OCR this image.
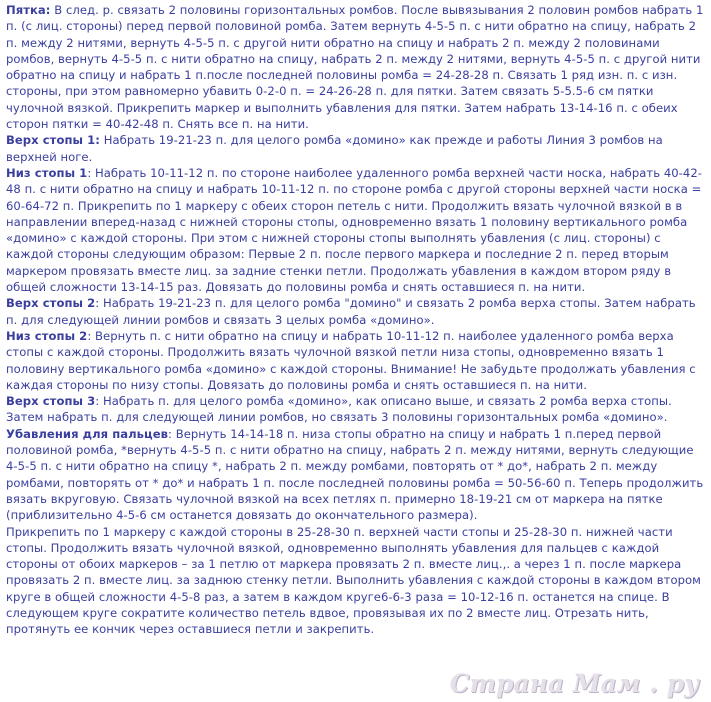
Пятка: В след. р. связать 2 половины горизонтальных ромбов. После вывязывания 2 половин ромбов набрать 1 п. (с лиц. стороны) перед первой половиной ромба. Затем вернуть 4-5-5 п. с нити обратно на спицу, набрать 2 п. между 2 нитями, вернуть 4-5-5 п. с другой нити обратно на спицу и набрать 2 п. между 2 половинами ромбов, вернуть 4-5-5 п. с нити обратно на спицу, набрать 2 п. между 2 нитями, вернуть 4-5-5 п. с другой нити обратно на спицу и набрать 1 п.после последней половины ромба = 24-28-28 п. Связать 1 ряд изн. п. с изн. стороны, при этом равномерно убавить 0-2-0 п. = 24-26-28 п. для пятки. Затем связать 5-5.5-6 см пятки чулочной вязкой. Прикрепить маркер и выполнить убавления для пятки. Затем набрать 13-14-16 п. с обеих сторон пятки = 40-42-48 п. Снять все п. на нити.

Верх стопы 1: Набрать 19-21-23 п. для целого ромба «домино» как прежде и работы Линия 3 ромбов на верхней ноге.

Низ стопы 1: Набрать 10-11-12 п. по стороне наиболее удаленного ромба верхней части носка, набрать 40-42-48 п. с нити обратно на спицу и набрать 10-11-12 п. по стороне ромба с другой стороны верхней части носка = 60-64-72 п. Прикрепить по 1 маркеру с обеих сторон петель с нити. Продолжить вязать чулочной вязкой в в направлении вперед-назад с нижней стороны стопы, одновременно вязать 1 половину вертикального ромба «домино» с каждой стороны. При этом с нижней стороны стопы выполнять убавления (с лиц. стороны) с каждой стороны следующим образом: Первые 2 п. после первого маркера и последние 2 п. перед вторым маркером провязать вместе лиц. за задние стенки петли. Продолжать убавления в каждом втором ряду в общей сложности 13-14-15 раз. Довязать до половины ромба и снять оставшиеся п. на нити.

Верх стопы 2: Набрать 19-21-23 п. для целого ромба "домино" и связать 2 ромба верха стопы. Затем набрать п. для следующей линии ромбов и связать 3 целых ромба «домино».

Низ стопы 2: Вернуть п. с нити обратно на спицу и набрать 10-11-12 п. наиболее удаленного ромба верха стопы с каждой стороны. Продолжить вязать чулочной вязкой петли низа стопы, одновременно вязать 1 половину вертикального ромба «домино» с каждой стороны. Внимание! Не забудьте продолжать убавления с каждая стороны по низу стопы. Довязать до половины ромба и снять оставшиеся п. на нити.

Верх стопы 3: Набрать п. для целого ромба «домино», как описано выше, и связать 2 ромба верха стопы. Затем набрать п. для следующей линии ромбов, но связать 3 половины горизонтальных ромба «домино».

Убавления для пальцев: Вернуть 14-14-18 п. низа стопы обратно на спицу и набрать 1 п.перед первой половиной ромба, *вернуть 4-5-5 п. с нити обратно на спицу, набрать 2 п. между нитями, вернуть следующие 4-5-5 п. с нити обратно на спицу *, набрать 2 п. между ромбами, повторять от * до*, набрать 2 п. между ромбами, повторять от * до* и набрать 1 п. после последней половины ромба = 50-56-60 п. Теперь продолжить вязать вкруговую. Связать чулочной вязкой на всех петлях п. примерно 18-19-21 см от маркера на пятке (приблизительно 4-5-6 см останется довязать до окончательного размера).

Прикрепить по 1 маркеру с каждой стороны в 25-28-30 п. верхней части стопы и 25-28-30 п. нижней части стопы. Продолжить вязать чулочной вязкой, одновременно выполнять убавления для пальцев с каждой стороны от обоих маркеров – за 1 петлю от маркера провязать 2 п. вместе лиц.,. а через 1 п. после маркера провязать 2 п. вместе лиц. за заднюю стенку петли. Выполнить убавления с каждой стороны в каждом втором круге в общей сложности 4-5-8 раз, а затем в каждом круге6-6-3 раза = 10-12-16 п. останется на спице. В следующем круге сократите количество петель вдвое, провязывая их по 2 вместе лиц. Отрезать нить, протянуть ее кончик через оставшиеся петли и закрепить.

Страна Мам . ру
